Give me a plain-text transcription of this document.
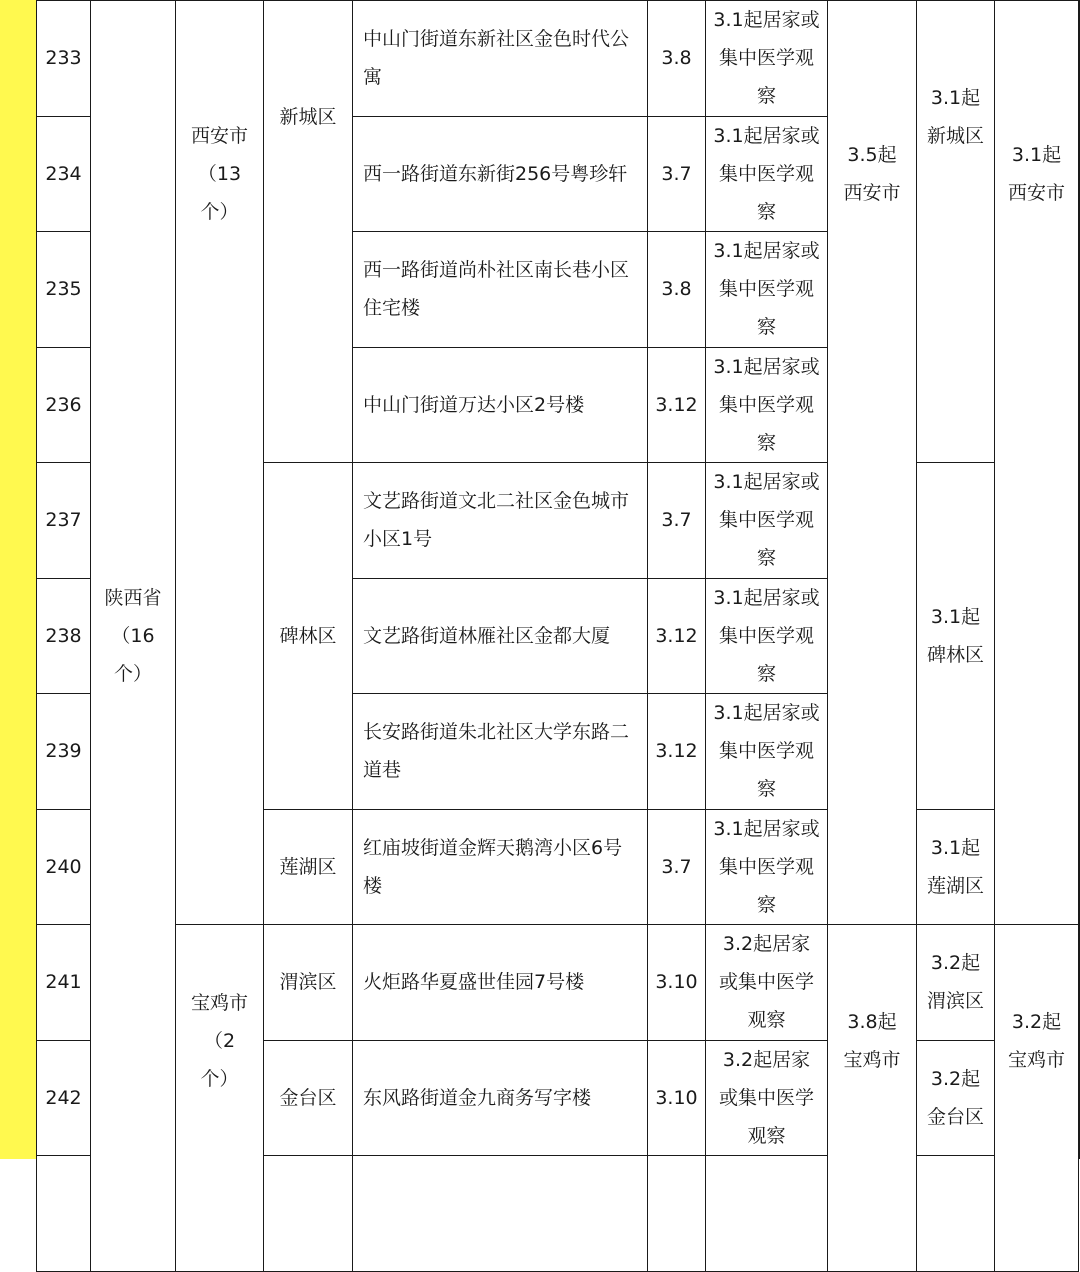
233	陕西省
（16
个）	西安市
（13
个）	新城区	中山门街道东新社区金色时代公
寓	3.8	3.1起居家或
集中医学观
察	3.5起
西安市	3.1起
新城区	3.1起
西安市
234				西一路街道东新街256号粤珍轩	3.7	3.1起居家或
集中医学观
察			
235				西一路街道尚朴社区南长巷小区
住宅楼	3.8	3.1起居家或
集中医学观
察			
236				中山门街道万达小区2号楼	3.12	3.1起居家或
集中医学观
察			
237			碑林区	文艺路街道文北二社区金色城市
小区1号	3.7	3.1起居家或
集中医学观
察		3.1起
碑林区	
238				文艺路街道林雁社区金都大厦	3.12	3.1起居家或
集中医学观
察			
239				长安路街道朱北社区大学东路二
道巷	3.12	3.1起居家或
集中医学观
察			
240			莲湖区	红庙坡街道金辉天鹅湾小区6号
楼	3.7	3.1起居家或
集中医学观
察		3.1起
莲湖区	
241		宝鸡市
（2
个）	渭滨区	火炬路华夏盛世佳园7号楼	3.10	3.2起居家
或集中医学
观察	3.8起
宝鸡市	3.2起
渭滨区	3.2起
宝鸡市
242			金台区	东风路街道金九商务写字楼	3.10	3.2起居家
或集中医学
观察		3.2起
金台区	
